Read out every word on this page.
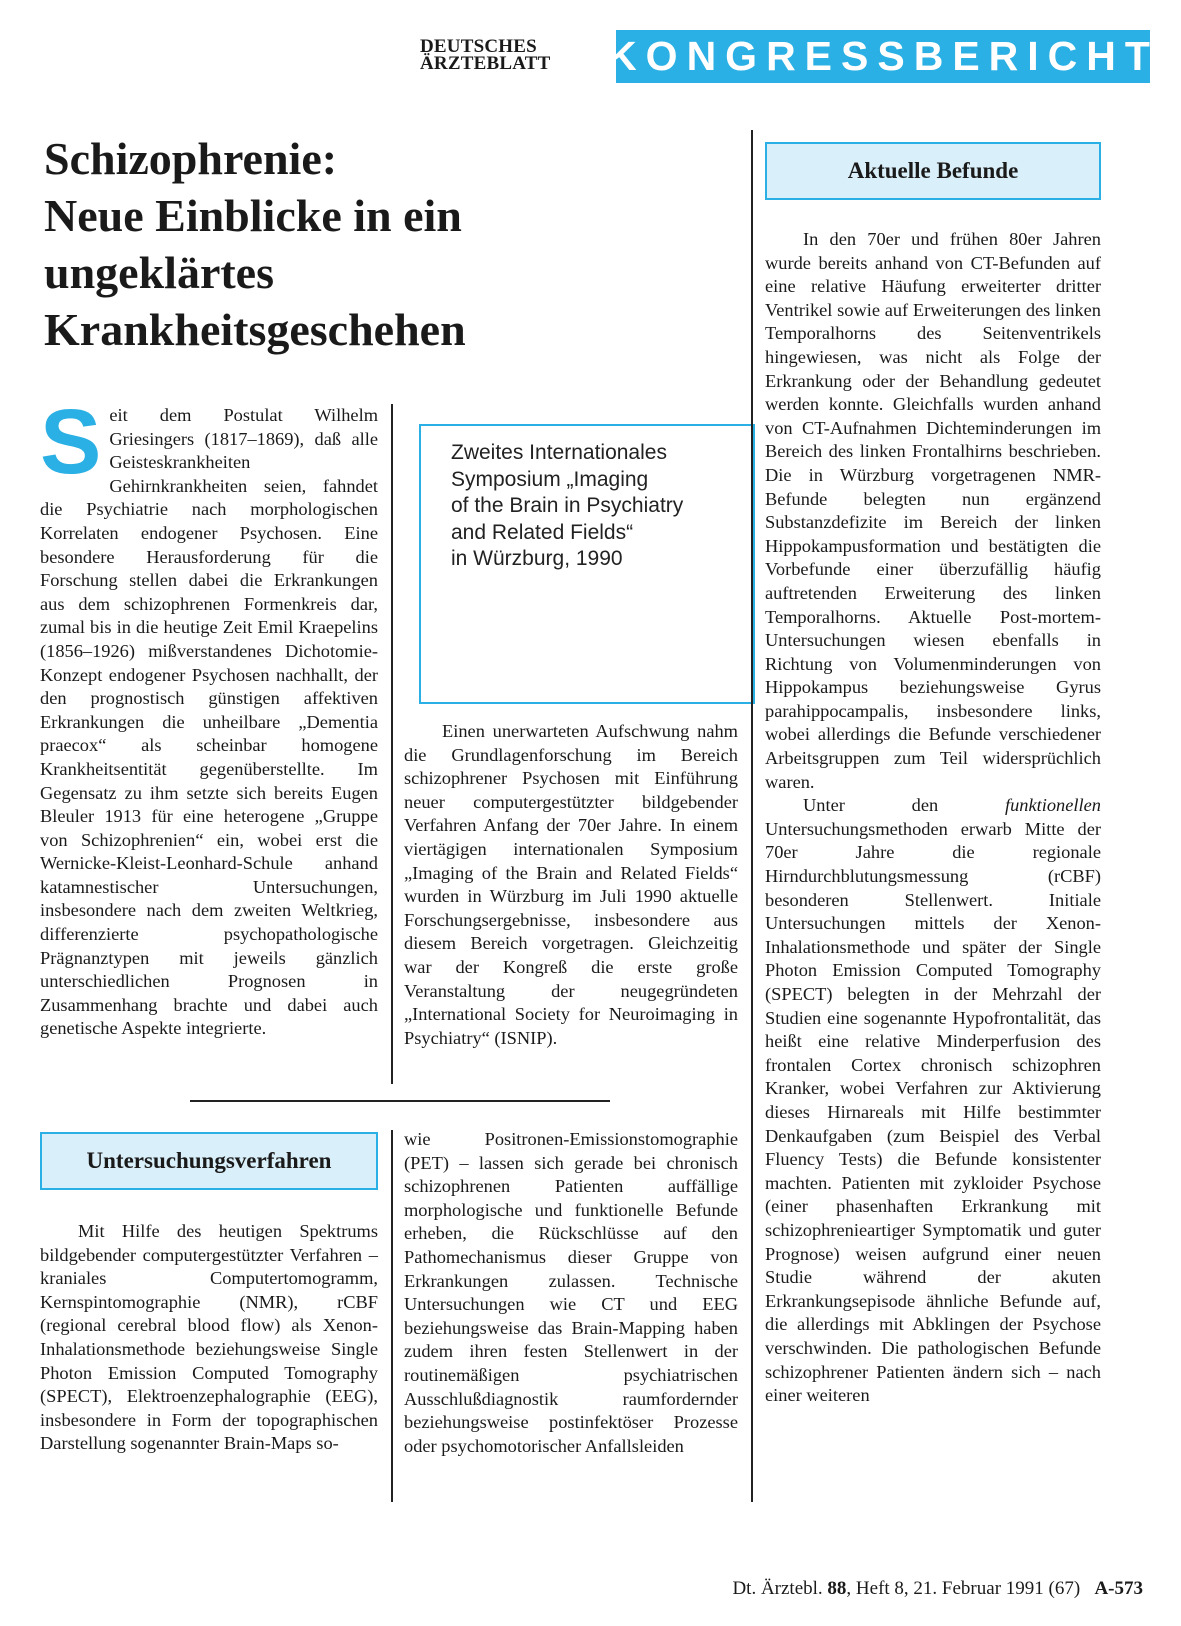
DEUTSCHES
ÄRZTEBLATT KONGRESSBERICHT
Schizophrenie:
Neue Einblicke in ein
ungeklärtes
Krankheitsgeschehen

Seit dem Postulat Wilhelm Griesingers (1817–1869), daß alle Geisteskrankheiten Gehirnkrankheiten seien, fahndet die Psychiatrie nach morphologischen Korrelaten endogener Psychosen. Eine besondere Herausforderung für die Forschung stellen dabei die Erkrankungen aus dem schizophrenen Formenkreis dar, zumal bis in die heutige Zeit Emil Kraepelins (1856–1926) mißverstandenes Dichotomie-Konzept endogener Psychosen nachhallt, der den prognostisch günstigen affektiven Erkrankungen die unheilbare „Dementia praecox“ als scheinbar homogene Krankheitsentität gegenüberstellte. Im Gegensatz zu ihm setzte sich bereits Eugen Bleuler 1913 für eine heterogene „Gruppe von Schizophrenien“ ein, wobei erst die Wernicke-Kleist-Leonhard-Schule anhand katamnestischer Untersuchungen, insbesondere nach dem zweiten Weltkrieg, differenzierte psychopathologische Prägnanztypen mit jeweils gänzlich unterschiedlichen Prognosen in Zusammenhang brachte und dabei auch genetische Aspekte integrierte.

Zweites Internationales
Symposium „Imaging
of the Brain in Psychiatry
and Related Fields“
in Würzburg, 1990

Einen unerwarteten Aufschwung nahm die Grundlagenforschung im Bereich schizophrener Psychosen mit Einführung neuer computergestützter bildgebender Verfahren Anfang der 70er Jahre. In einem viertägigen internationalen Symposium „Imaging of the Brain and Related Fields“ wurden in Würzburg im Juli 1990 aktuelle Forschungsergebnisse, insbesondere aus diesem Bereich vorgetragen. Gleichzeitig war der Kongreß die erste große Veranstaltung der neugegründeten „International Society for Neuroimaging in Psychiatry“ (ISNIP).

Untersuchungsverfahren

Mit Hilfe des heutigen Spektrums bildgebender computergestützter Verfahren – kraniales Computertomogramm, Kernspintomographie (NMR), rCBF (regional cerebral blood flow) als Xenon-Inhalationsmethode beziehungsweise Single Photon Emission Computed Tomography (SPECT), Elektroenzephalographie (EEG), insbesondere in Form der topographischen Darstellung sogenannter Brain-Maps so-

wie Positronen-Emissionstomographie (PET) – lassen sich gerade bei chronisch schizophrenen Patienten auffällige morphologische und funktionelle Befunde erheben, die Rückschlüsse auf den Pathomechanismus dieser Gruppe von Erkrankungen zulassen. Technische Untersuchungen wie CT und EEG beziehungsweise das Brain-Mapping haben zudem ihren festen Stellenwert in der routinemäßigen psychiatrischen Ausschlußdiagnostik raumfordernder beziehungsweise postinfektöser Prozesse oder psychomotorischer Anfallsleiden

Aktuelle Befunde

In den 70er und frühen 80er Jahren wurde bereits anhand von CT-Befunden auf eine relative Häufung erweiterter dritter Ventrikel sowie auf Erweiterungen des linken Temporalhorns des Seitenventrikels hingewiesen, was nicht als Folge der Erkrankung oder der Behandlung gedeutet werden konnte. Gleichfalls wurden anhand von CT-Aufnahmen Dichteminderungen im Bereich des linken Frontalhirns beschrieben. Die in Würzburg vorgetragenen NMR-Befunde belegten nun ergänzend Substanzdefizite im Bereich der linken Hippokampusformation und bestätigten die Vorbefunde einer überzufällig häufig auftretenden Erweiterung des linken Temporalhorns. Aktuelle Post-mortem-Untersuchungen wiesen ebenfalls in Richtung von Volumenminderungen von Hippokampus beziehungsweise Gyrus parahippocampalis, insbesondere links, wobei allerdings die Befunde verschiedener Arbeitsgruppen zum Teil widersprüchlich waren.

Unter den funktionellen Untersuchungsmethoden erwarb Mitte der 70er Jahre die regionale Hirndurchblutungsmessung (rCBF) besonderen Stellenwert. Initiale Untersuchungen mittels der Xenon-Inhalationsmethode und später der Single Photon Emission Computed Tomography (SPECT) belegten in der Mehrzahl der Studien eine sogenannte Hypofrontalität, das heißt eine relative Minderperfusion des frontalen Cortex chronisch schizophren Kranker, wobei Verfahren zur Aktivierung dieses Hirnareals mit Hilfe bestimmter Denkaufgaben (zum Beispiel des Verbal Fluency Tests) die Befunde konsistenter machten. Patienten mit zykloider Psychose (einer phasenhaften Erkrankung mit schizophrenieartiger Symptomatik und guter Prognose) weisen aufgrund einer neuen Studie während der akuten Erkrankungsepisode ähnliche Befunde auf, die allerdings mit Abklingen der Psychose verschwinden. Die pathologischen Befunde schizophrener Patienten ändern sich – nach einer weiteren

Dt. Ärztebl. 88, Heft 8, 21. Februar 1991 (67) A-573
